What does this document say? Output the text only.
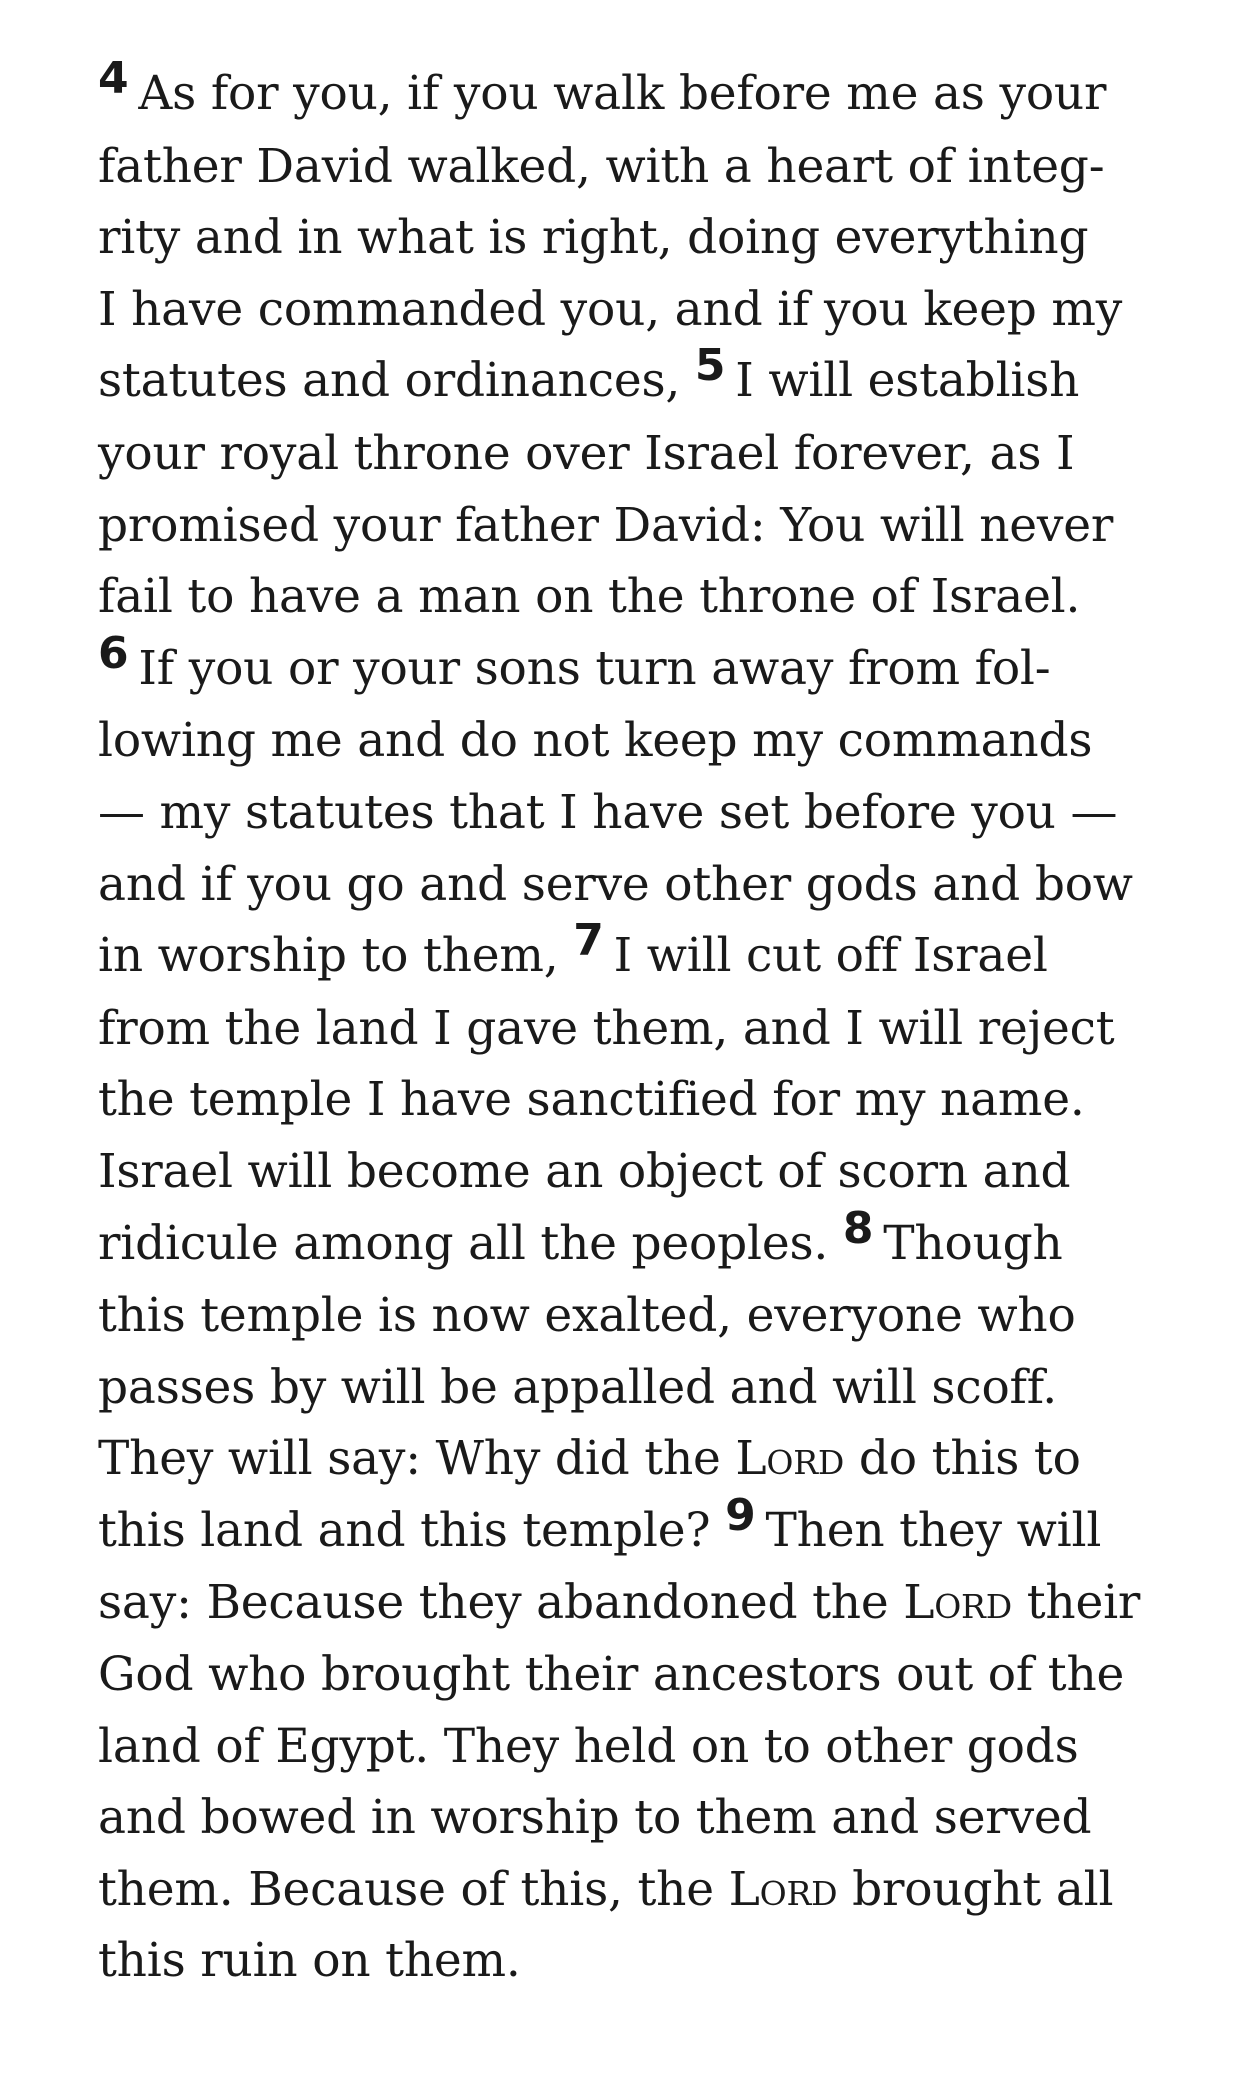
4 As for you, if you walk before me as your
father David walked, with a heart of integ-
rity and in what is right, doing everything
I have commanded you, and if you keep my
statutes and ordinances, 5 I will establish
your royal throne over Israel forever, as I
promised your father David: You will never
fail to have a man on the throne of Israel.
6 If you or your sons turn away from fol-
lowing me and do not keep my commands
— my statutes that I have set before you —
and if you go and serve other gods and bow
in worship to them, 7 I will cut off Israel
from the land I gave them, and I will reject
the temple I have sanctified for my name.
Israel will become an object of scorn and
ridicule among all the peoples. 8 Though
this temple is now exalted, everyone who
passes by will be appalled and will scoff.
They will say: Why did the Lord do this to
this land and this temple? 9 Then they will
say: Because they abandoned the Lord their
God who brought their ancestors out of the
land of Egypt. They held on to other gods
and bowed in worship to them and served
them. Because of this, the Lord brought all
this ruin on them.
